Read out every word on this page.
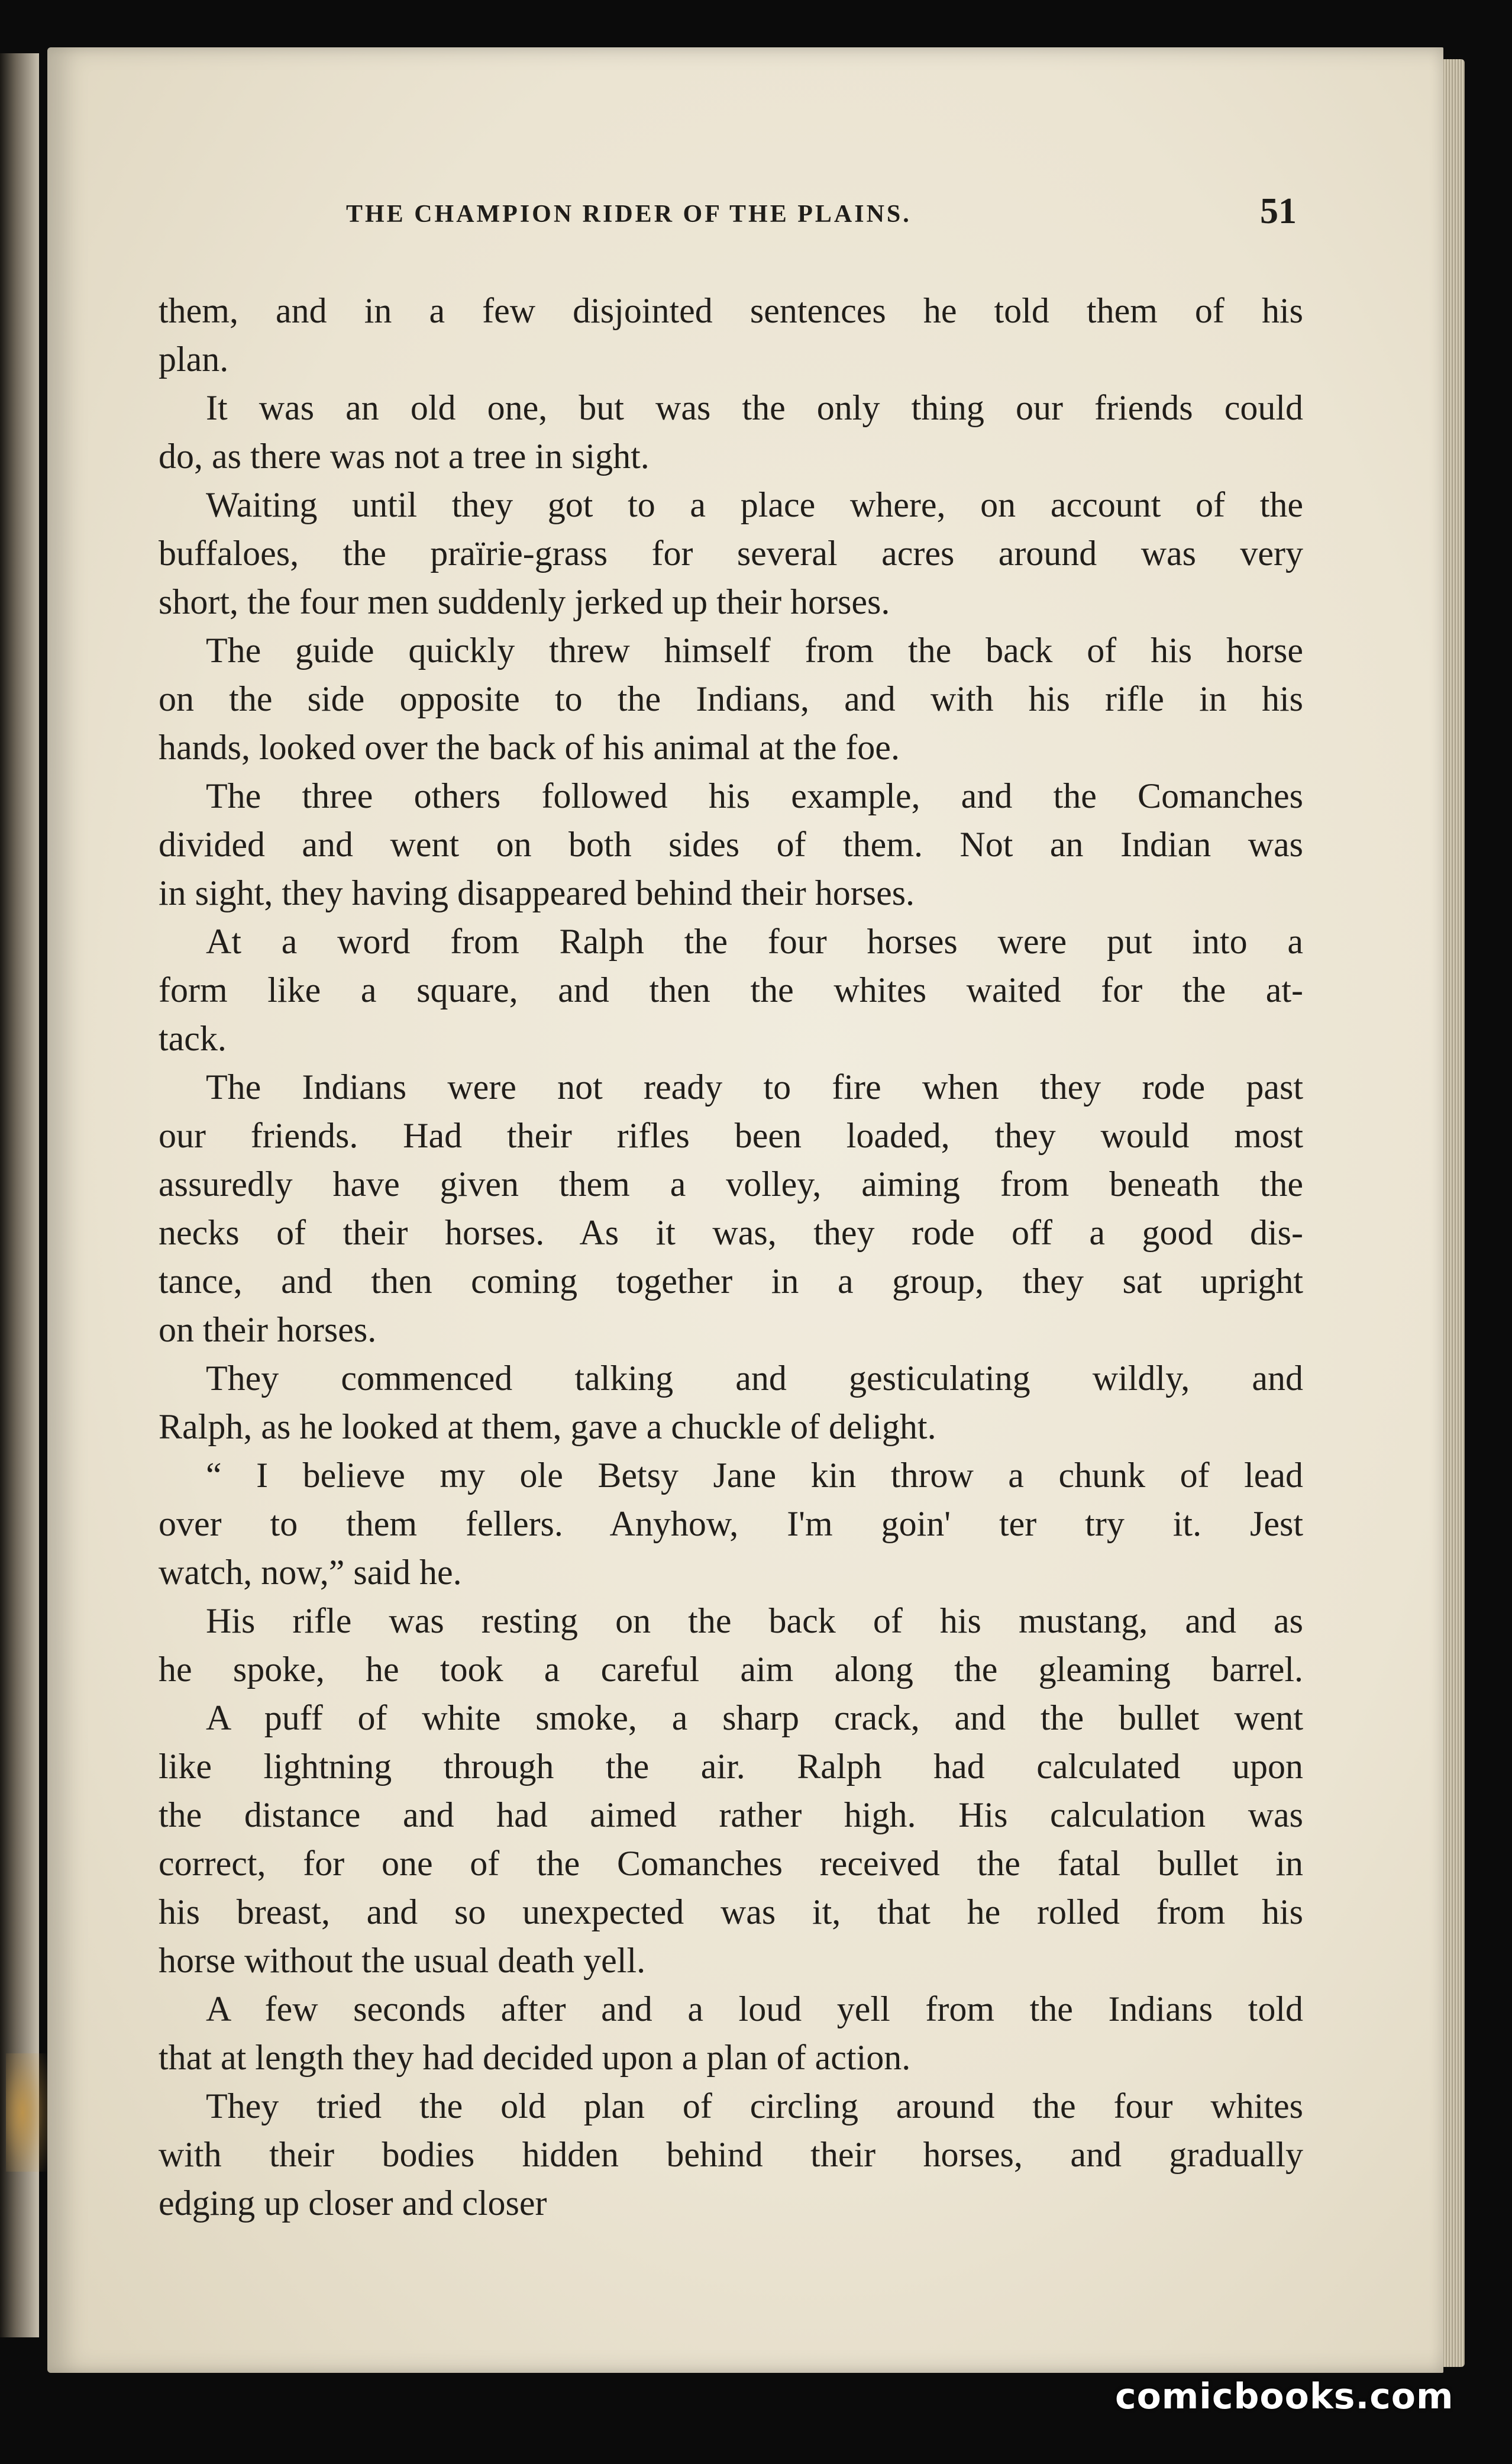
THE CHAMPION RIDER OF THE PLAINS.	51
them, and in a few disjointed sentences he told them of his
plan.
It was an old one, but was the only thing our friends could
do, as there was not a tree in sight.
Waiting until they got to a place where, on account of the
buffaloes, the praïrie-grass for several acres around was very
short, the four men suddenly jerked up their horses.
The guide quickly threw himself from the back of his horse
on the side opposite to the Indians, and with his rifle in his
hands, looked over the back of his animal at the foe.
The three others followed his example, and the Comanches
divided and went on both sides of them. Not an Indian was
in sight, they having disappeared behind their horses.
At a word from Ralph the four horses were put into a
form like a square, and then the whites waited for the at-
tack.
The Indians were not ready to fire when they rode past
our friends. Had their rifles been loaded, they would most
assuredly have given them a volley, aiming from beneath the
necks of their horses. As it was, they rode off a good dis-
tance, and then coming together in a group, they sat upright
on their horses.
They commenced talking and gesticulating wildly, and
Ralph, as he looked at them, gave a chuckle of delight.
“ I believe my ole Betsy Jane kin throw a chunk of lead
over to them fellers. Anyhow, I'm goin' ter try it. Jest
watch, now,” said he.
His rifle was resting on the back of his mustang, and as
he spoke, he took a careful aim along the gleaming barrel.
A puff of white smoke, a sharp crack, and the bullet went
like lightning through the air. Ralph had calculated upon
the distance and had aimed rather high. His calculation was
correct, for one of the Comanches received the fatal bullet in
his breast, and so unexpected was it, that he rolled from his
horse without the usual death yell.
A few seconds after and a loud yell from the Indians told
that at length they had decided upon a plan of action.
They tried the old plan of circling around the four whites
with their bodies hidden behind their horses, and gradually
edging up closer and closer
comicbooks.com
